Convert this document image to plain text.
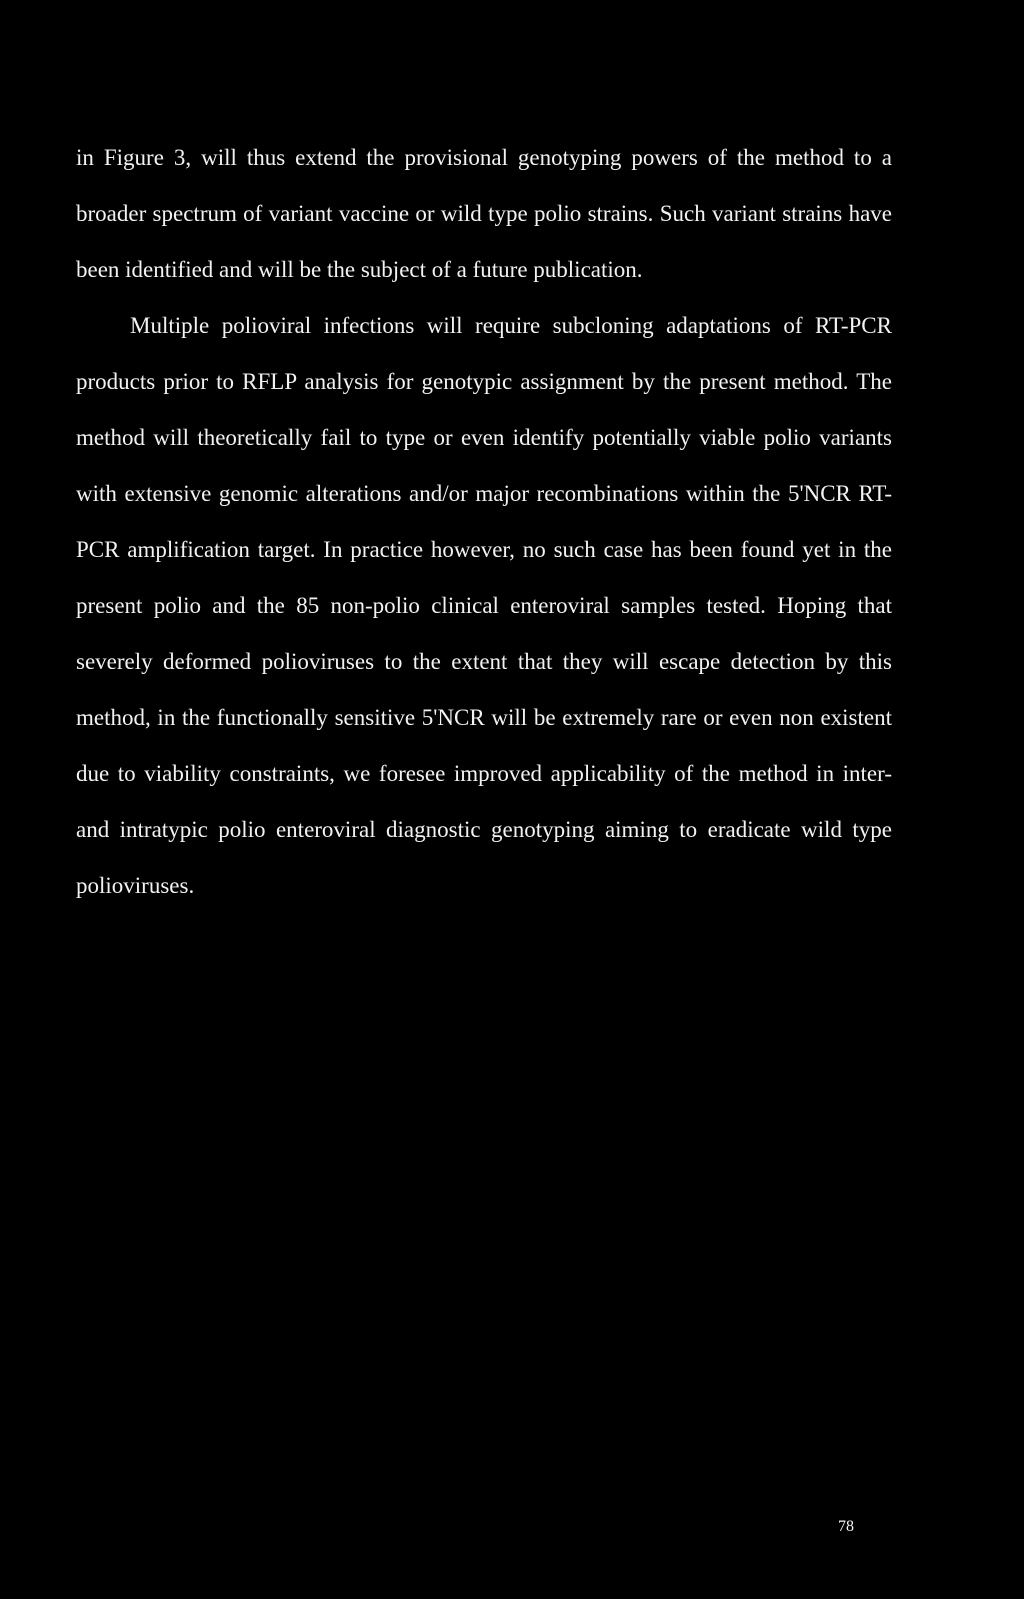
in Figure 3, will thus extend the provisional genotyping powers of the method to a broader spectrum of variant vaccine or wild type polio strains. Such variant strains have been identified and will be the subject of a future publication.

Multiple polioviral infections will require subcloning adaptations of RT-PCR products prior to RFLP analysis for genotypic assignment by the present method. The method will theoretically fail to type or even identify potentially viable polio variants with extensive genomic alterations and/or major recombinations within the 5'NCR RT-PCR amplification target. In practice however, no such case has been found yet in the present polio and the 85 non-polio clinical enteroviral samples tested. Hoping that severely deformed polioviruses to the extent that they will escape detection by this method, in the functionally sensitive 5'NCR will be extremely rare or even non existent due to viability constraints, we foresee improved applicability of the method in inter- and intratypic polio enteroviral diagnostic genotyping aiming to eradicate wild type polioviruses.

78
